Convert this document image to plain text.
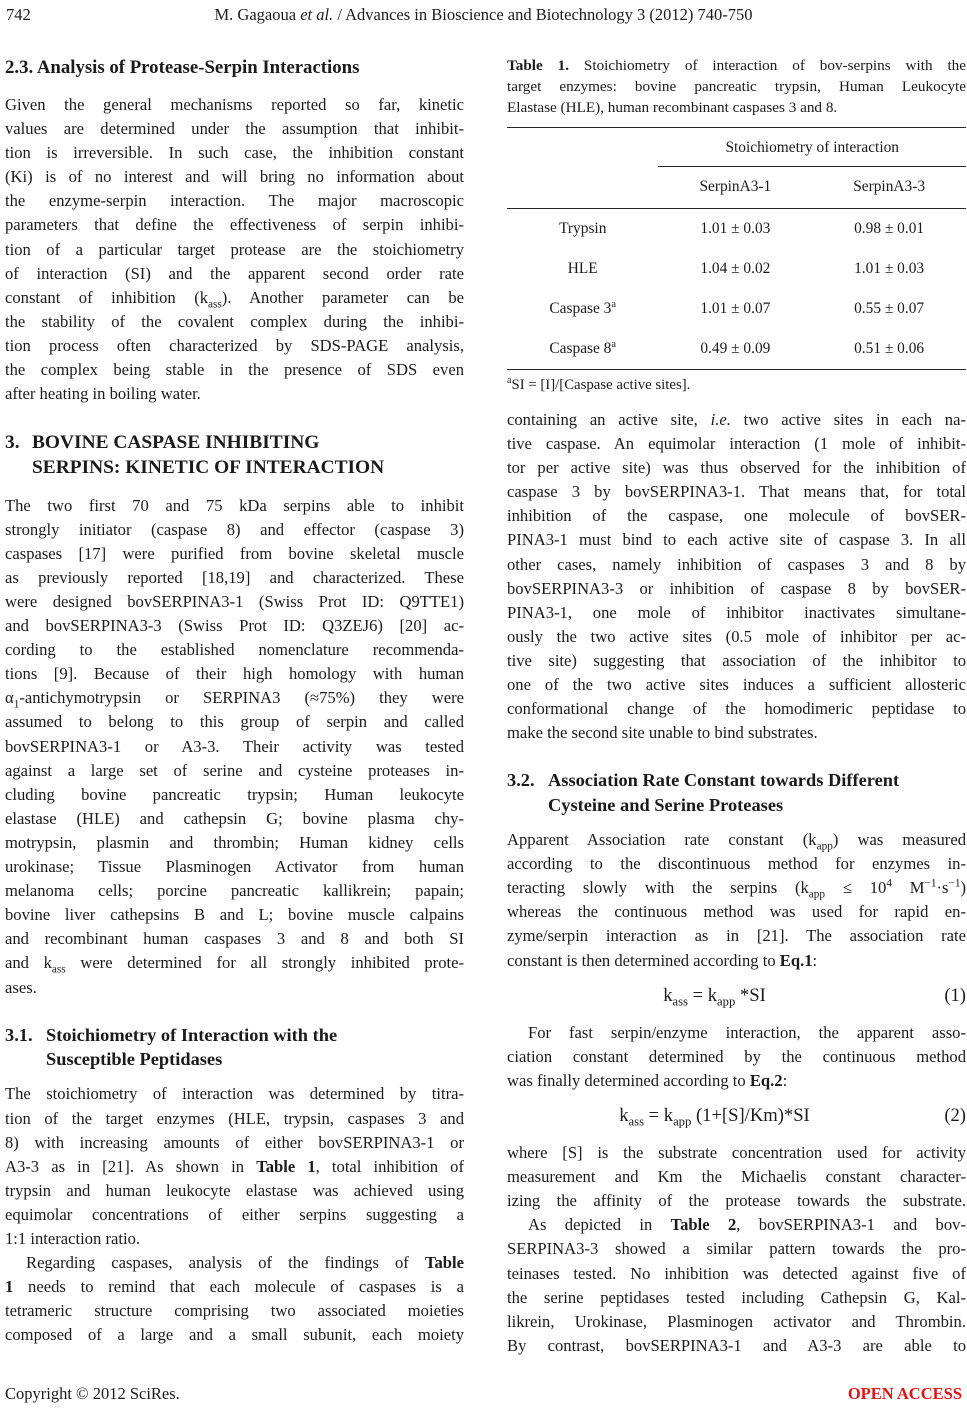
742	M. Gagaoua et al. / Advances in Bioscience and Biotechnology 3 (2012) 740-750
2.3. Analysis of Protease-Serpin Interactions
Given the general mechanisms reported so far, kinetic
values are determined under the assumption that inhibit-
tion is irreversible. In such case, the inhibition constant
(Ki) is of no interest and will bring no information about
the enzyme-serpin interaction. The major macroscopic
parameters that define the effectiveness of serpin inhibi-
tion of a particular target protease are the stoichiometry
of interaction (SI) and the apparent second order rate
constant of inhibition $(k_{ass})$. Another parameter can be
the stability of the covalent complex during the inhibi-
tion process often characterized by SDS-PAGE analysis,
the complex being stable in the presence of SDS even
after heating in boiling water.
3. BOVINE CASPASE INHIBITING
SERPINS: KINETIC OF INTERACTION
The two first 70 and 75 kDa serpins able to inhibit
strongly initiator (caspase 8) and effector (caspase 3)
caspases [17] were purified from bovine skeletal muscle
as previously reported [18,19] and characterized. These
were designed bovSERPINA3-1 (Swiss Prot ID: Q9TTE1)
and bovSERPINA3-3 (Swiss Prot ID: Q3ZEJ6) [20] ac-
cording to the established nomenclature recommenda-
tions [9]. Because of their high homology with human
$\alpha_1$-antichymotrypsin or SERPINA3 (≈75%) they were
assumed to belong to this group of serpin and called
bovSERPINA3-1 or A3-3. Their activity was tested
against a large set of serine and cysteine proteases in-
cluding bovine pancreatic trypsin; Human leukocyte
elastase (HLE) and cathepsin G; bovine plasma chy-
motrypsin, plasmin and thrombin; Human kidney cells
urokinase; Tissue Plasminogen Activator from human
melanoma cells; porcine pancreatic kallikrein; papain;
bovine liver cathepsins B and L; bovine muscle calpains
and recombinant human caspases 3 and 8 and both SI
and $k_{ass}$ were determined for all strongly inhibited prote-
ases.
3.1. Stoichiometry of Interaction with the
Susceptible Peptidases
The stoichiometry of interaction was determined by titra-
tion of the target enzymes (HLE, trypsin, caspases 3 and
8) with increasing amounts of either bovSERPINA3-1 or
A3-3 as in [21]. As shown in Table 1, total inhibition of
trypsin and human leukocyte elastase was achieved using
equimolar concentrations of either serpins suggesting a
1:1 interaction ratio.
Regarding caspases, analysis of the findings of Table
1 needs to remind that each molecule of caspases is a
tetrameric structure comprising two associated moieties
composed of a large and a small subunit, each moiety
Table 1. Stoichiometry of interaction of bov-serpins with the
target enzymes: bovine pancreatic trypsin, Human Leukocyte
Elastase (HLE), human recombinant caspases 3 and 8.
	Stoichiometry of interaction	
	SerpinA3-1	SerpinA3-3
Trypsin	1.01 ± 0.03	0.98 ± 0.01
HLE	1.04 ± 0.02	1.01 ± 0.03
Caspase 3$^a$	1.01 ± 0.07	0.55 ± 0.07
Caspase 8$^a$	0.49 ± 0.09	0.51 ± 0.06
$^a$SI = [I]/[Caspase active sites].
containing an active site, i.e. two active sites in each na-
tive caspase. An equimolar interaction (1 mole of inhibit-
tor per active site) was thus observed for the inhibition of
caspase 3 by bovSERPINA3-1. That means that, for total
inhibition of the caspase, one molecule of bovSER-
PINA3-1 must bind to each active site of caspase 3. In all
other cases, namely inhibition of caspases 3 and 8 by
bovSERPINA3-3 or inhibition of caspase 8 by bovSER-
PINA3-1, one mole of inhibitor inactivates simultane-
ously the two active sites (0.5 mole of inhibitor per ac-
tive site) suggesting that association of the inhibitor to
one of the two active sites induces a sufficient allosteric
conformational change of the homodimeric peptidase to
make the second site unable to bind substrates.
3.2. Association Rate Constant towards Different
Cysteine and Serine Proteases
Apparent Association rate constant $(k_{app})$ was measured
according to the discontinuous method for enzymes in-
teracting slowly with the serpins ($k_{app} \le 10^4$ $M^{-1}\cdot s^{-1}$)
whereas the continuous method was used for rapid en-
zyme/serpin interaction as in [21]. The association rate
constant is then determined according to Eq.1:
$k_{ass} = k_{app}$ *SI	(1)
For fast serpin/enzyme interaction, the apparent asso-
ciation constant determined by the continuous method
was finally determined according to Eq.2:
$k_{ass} = k_{app}$ (1+[S]/Km)*SI	(2)
where [S] is the substrate concentration used for activity
measurement and Km the Michaelis constant character-
izing the affinity of the protease towards the substrate.
As depicted in Table 2, bovSERPINA3-1 and bov-
SERPINA3-3 showed a similar pattern towards the pro-
teinases tested. No inhibition was detected against five of
the serine peptidases tested including Cathepsin G, Kal-
likrein, Urokinase, Plasminogen activator and Thrombin.
By contrast, bovSERPINA3-1 and A3-3 are able to
Copyright © 2012 SciRes.	OPEN ACCESS
